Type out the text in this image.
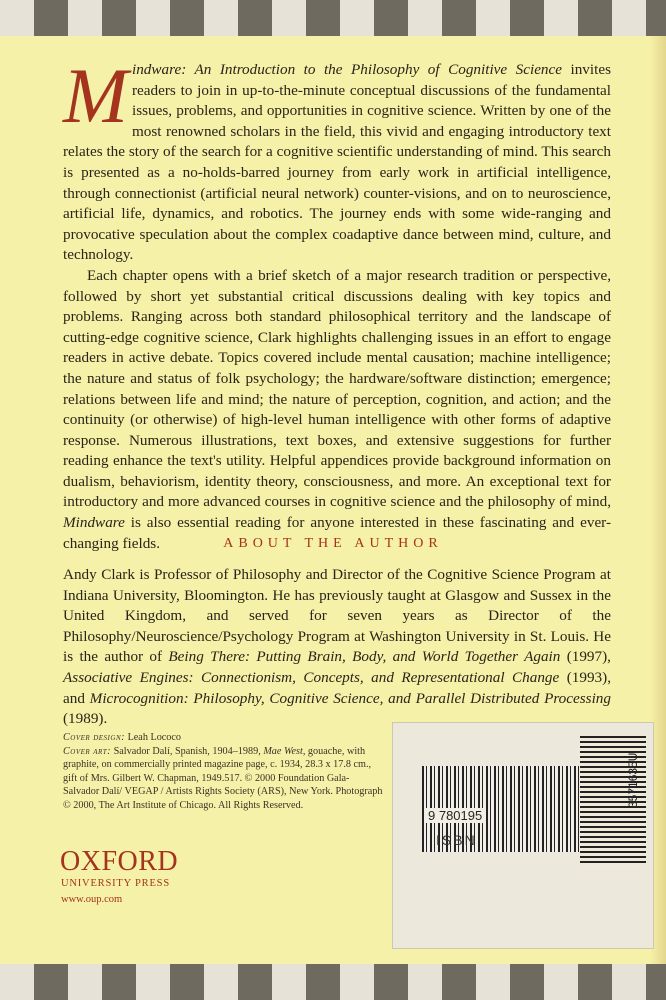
Mindware: An Introduction to the Philosophy of Cognitive Science invites readers to join in up-to-the-minute conceptual discussions of the fundamental issues, problems, and opportunities in cognitive science. Written by one of the most renowned scholars in the field, this vivid and engaging introductory text relates the story of the search for a cognitive scientific understanding of mind. This search is presented as a no-holds-barred journey from early work in artificial intelligence, through connectionist (artificial neural network) counter-visions, and on to neuroscience, artificial life, dynamics, and robotics. The journey ends with some wide-ranging and provocative speculation about the complex coadaptive dance between mind, culture, and technology.

Each chapter opens with a brief sketch of a major research tradition or perspective, followed by short yet substantial critical discussions dealing with key topics and problems. Ranging across both standard philosophical territory and the landscape of cutting-edge cognitive science, Clark highlights challenging issues in an effort to engage readers in active debate. Topics covered include mental causation; machine intelligence; the nature and status of folk psychology; the hardware/software distinction; emergence; relations between life and mind; the nature of perception, cognition, and action; and the continuity (or otherwise) of high-level human intelligence with other forms of adaptive response. Numerous illustrations, text boxes, and extensive suggestions for further reading enhance the text's utility. Helpful appendices provide background information on dualism, behaviorism, identity theory, consciousness, and more. An exceptional text for introductory and more advanced courses in cognitive science and the philosophy of mind, Mindware is also essential reading for anyone interested in these fascinating and ever-changing fields.	ABOUT THE AUTHOR

Andy Clark is Professor of Philosophy and Director of the Cognitive Science Program at Indiana University, Bloomington. He has previously taught at Glasgow and Sussex in the United Kingdom, and served for seven years as Director of the Philosophy/Neuroscience/Psychology Program at Washington University in St. Louis. He is the author of Being There: Putting Brain, Body, and World Together Again (1997), Associative Engines: Connectionism, Concepts, and Representational Change (1993), and Microcognition: Philosophy, Cognitive Science, and Parallel Distributed Processing (1989).

Cover design: Leah Lococo
Cover art: Salvador Dalí, Spanish, 1904–1989, Mae West, gouache, with graphite, on commercially printed magazine page, c. 1934, 28.3 x 17.8 cm., gift of Mrs. Gilbert W. Chapman, 1949.517. © 2000 Foundation Gala-Salvador Dalí/ VEGAP / Artists Rights Society (ARS), New York. Photograph © 2000, The Art Institute of Chicago. All Rights Reserved.
OXFORD
UNIVERSITY PRESS
www.oup.com
9 780195
ISBN
3571635U
